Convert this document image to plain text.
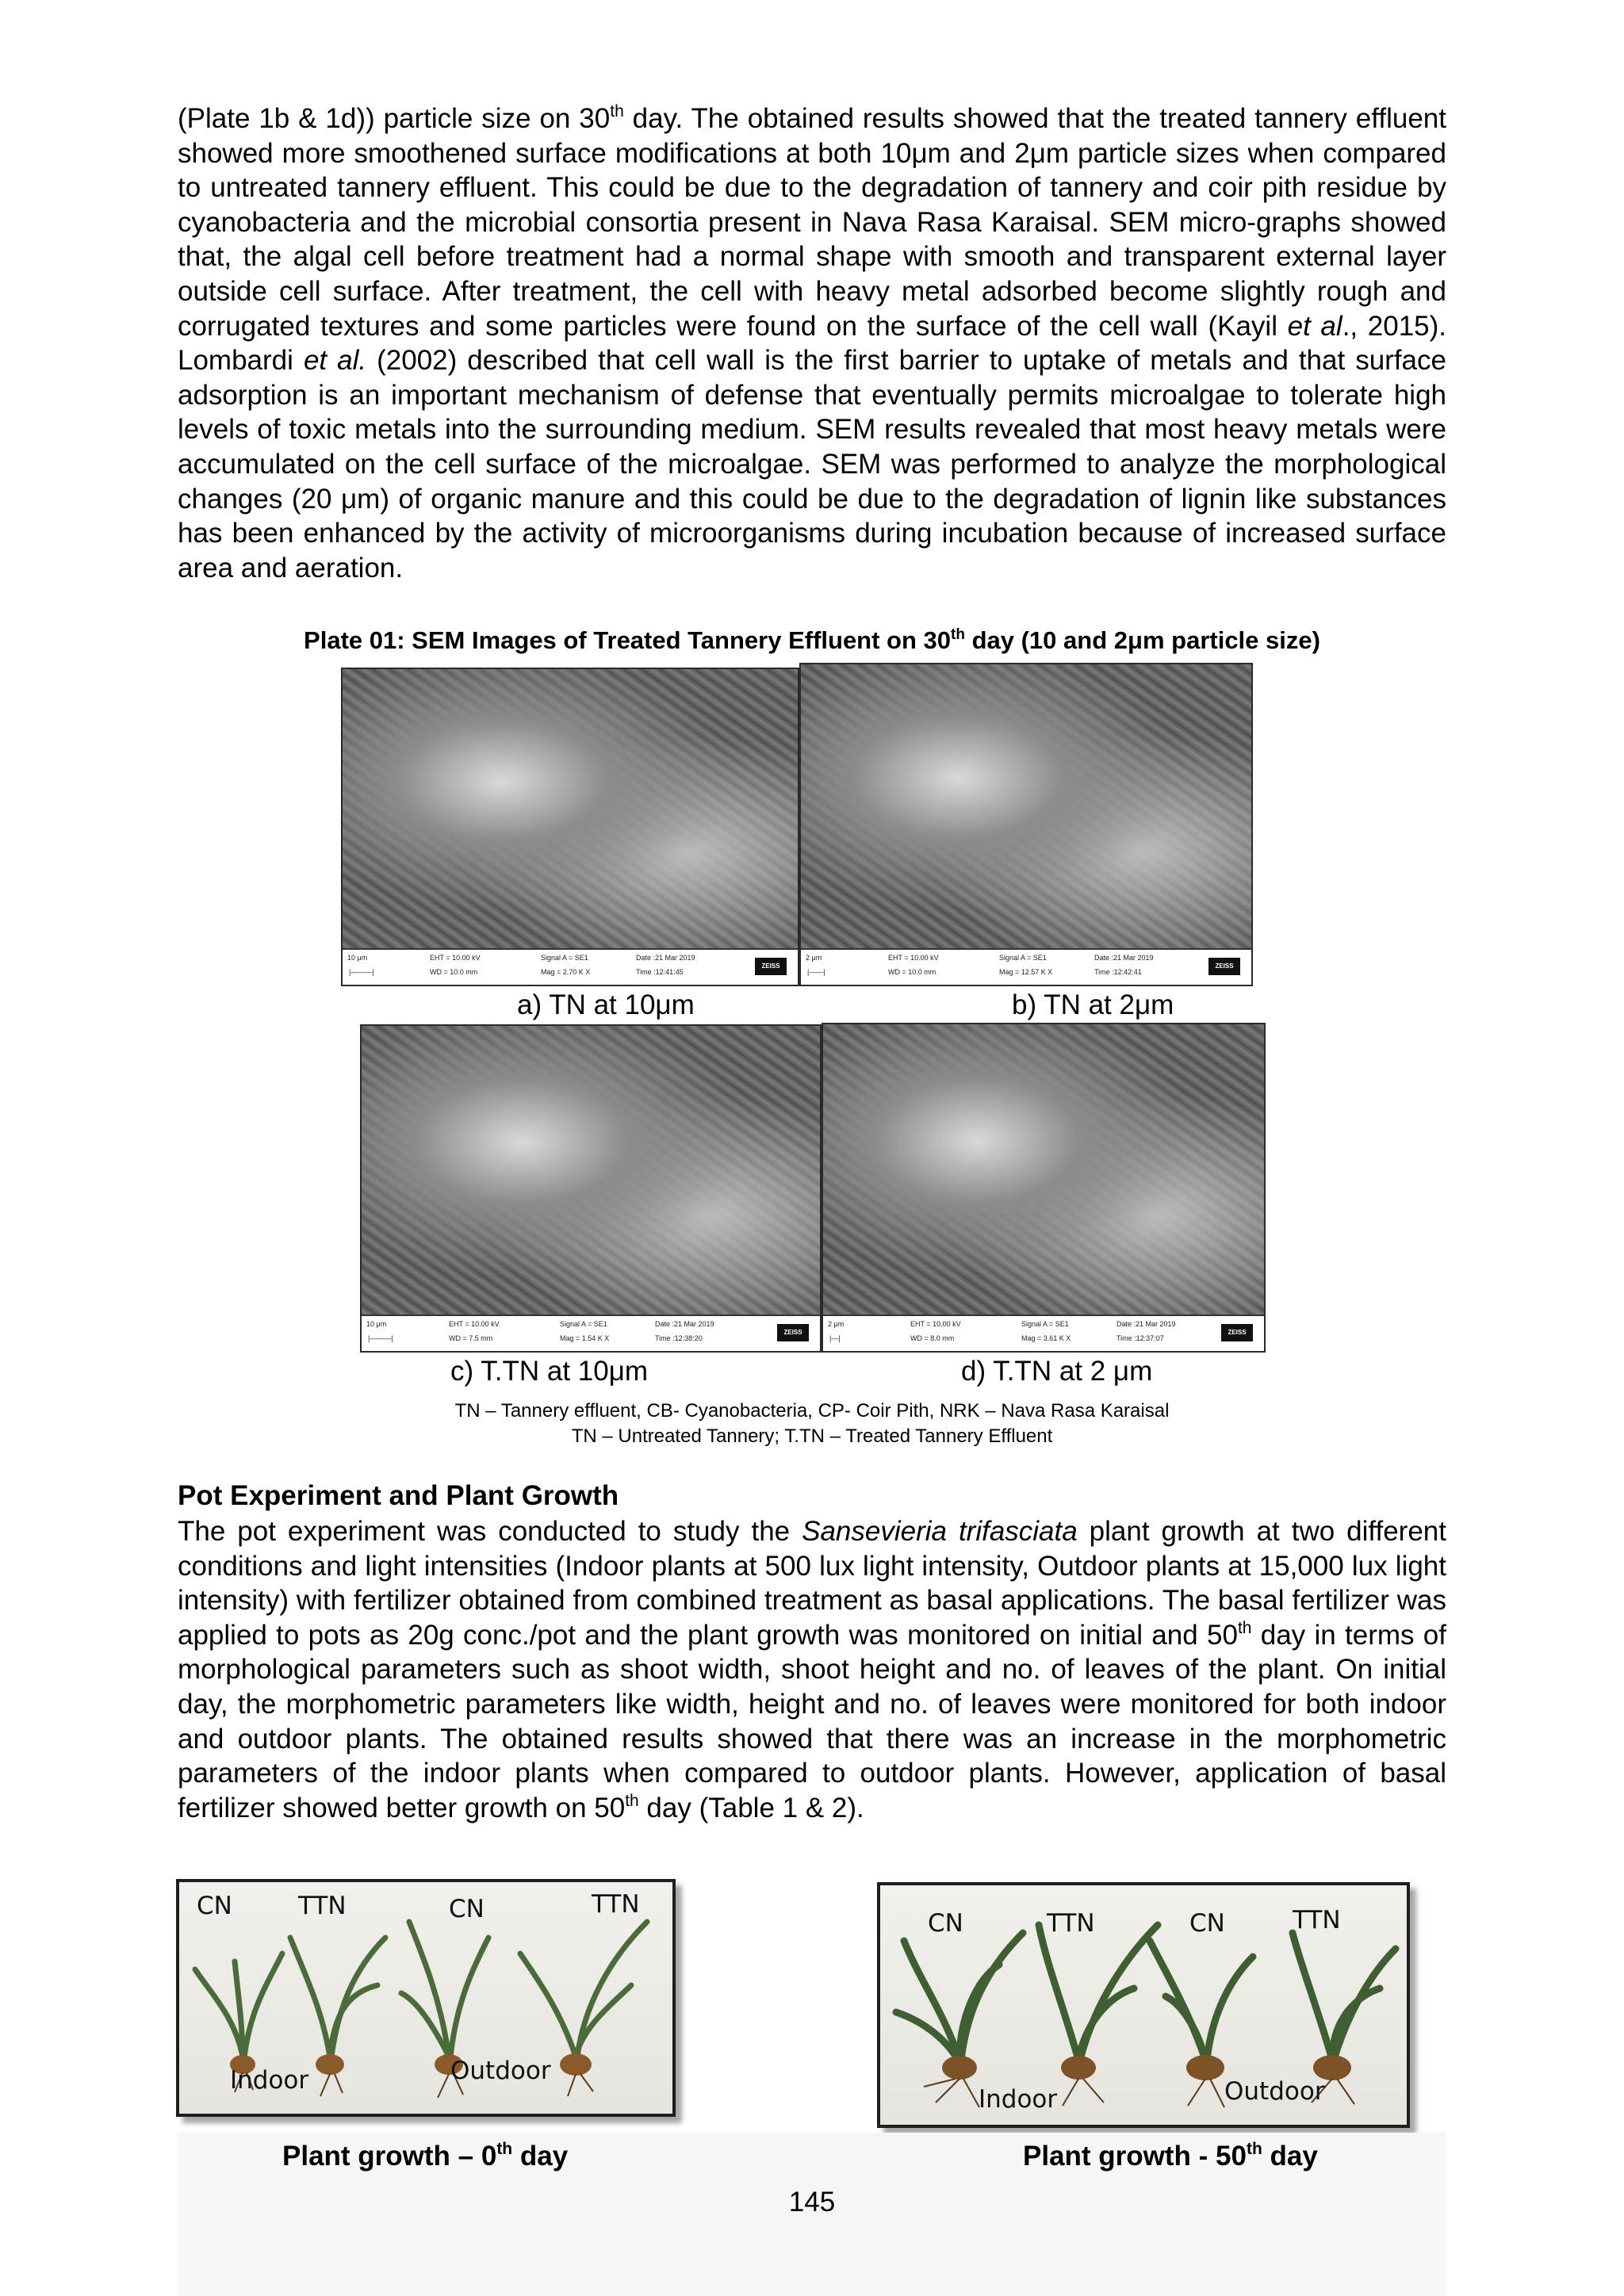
(Plate 1b & 1d)) particle size on 30th day. The obtained results showed that the treated tannery effluent showed more smoothened surface modifications at both 10μm and 2μm particle sizes when compared to untreated tannery effluent. This could be due to the degradation of tannery and coir pith residue by cyanobacteria and the microbial consortia present in Nava Rasa Karaisal. SEM micro-graphs showed that, the algal cell before treatment had a normal shape with smooth and transparent external layer outside cell surface. After treatment, the cell with heavy metal adsorbed become slightly rough and corrugated textures and some particles were found on the surface of the cell wall (Kayil et al., 2015). Lombardi et al. (2002) described that cell wall is the first barrier to uptake of metals and that surface adsorption is an important mechanism of defense that eventually permits microalgae to tolerate high levels of toxic metals into the surrounding medium. SEM results revealed that most heavy metals were accumulated on the cell surface of the microalgae. SEM was performed to analyze the morphological changes (20 μm) of organic manure and this could be due to the degradation of lignin like substances has been enhanced by the activity of microorganisms during incubation because of increased surface area and aeration.

Plate 01: SEM Images of Treated Tannery Effluent on 30th day (10 and 2μm particle size)

10 μm
|———|
EHT = 10.00 kV
WD = 10.0 mm
Signal A = SE1
Mag = 2.70 K X
Date :21 Mar 2019
Time :12:41:45
ZEISS
2 μm
|——|
EHT = 10.00 kV
WD = 10.0 mm
Signal A = SE1
Mag = 12.57 K X
Date :21 Mar 2019
Time :12:42:41
ZEISS
a) TN at 10μm	b) TN at 2μm
10 μm
|———|
EHT = 10.00 kV
WD = 7.5 mm
Signal A = SE1
Mag = 1.54 K X
Date :21 Mar 2019
Time :12:38:20
ZEISS
2 μm
|—|
EHT = 10.00 kV
WD = 8.0 mm
Signal A = SE1
Mag = 3.61 K X
Date :21 Mar 2019
Time :12:37:07
ZEISS
c) T.TN at 10μm	d) T.TN at 2 μm
TN – Tannery effluent, CB- Cyanobacteria, CP- Coir Pith, NRK – Nava Rasa Karaisal
TN – Untreated Tannery; T.TN – Treated Tannery Effluent

Pot Experiment and Plant Growth

The pot experiment was conducted to study the Sansevieria trifasciata plant growth at two different conditions and light intensities (Indoor plants at 500 lux light intensity, Outdoor plants at 15,000 lux light intensity) with fertilizer obtained from combined treatment as basal applications. The basal fertilizer was applied to pots as 20g conc./pot and the plant growth was monitored on initial and 50th day in terms of morphological parameters such as shoot width, shoot height and no. of leaves of the plant. On initial day, the morphometric parameters like width, height and no. of leaves were monitored for both indoor and outdoor plants. The obtained results showed that there was an increase in the morphometric parameters of the indoor plants when compared to outdoor plants. However, application of basal fertilizer showed better growth on 50th day (Table 1 & 2).

CN	TTN	CN	TTN
Indoor	Outdoor
CN	TTN	CN	TTN
Indoor	Outdoor
Plant growth – 0th day	Plant growth - 50th day
145
